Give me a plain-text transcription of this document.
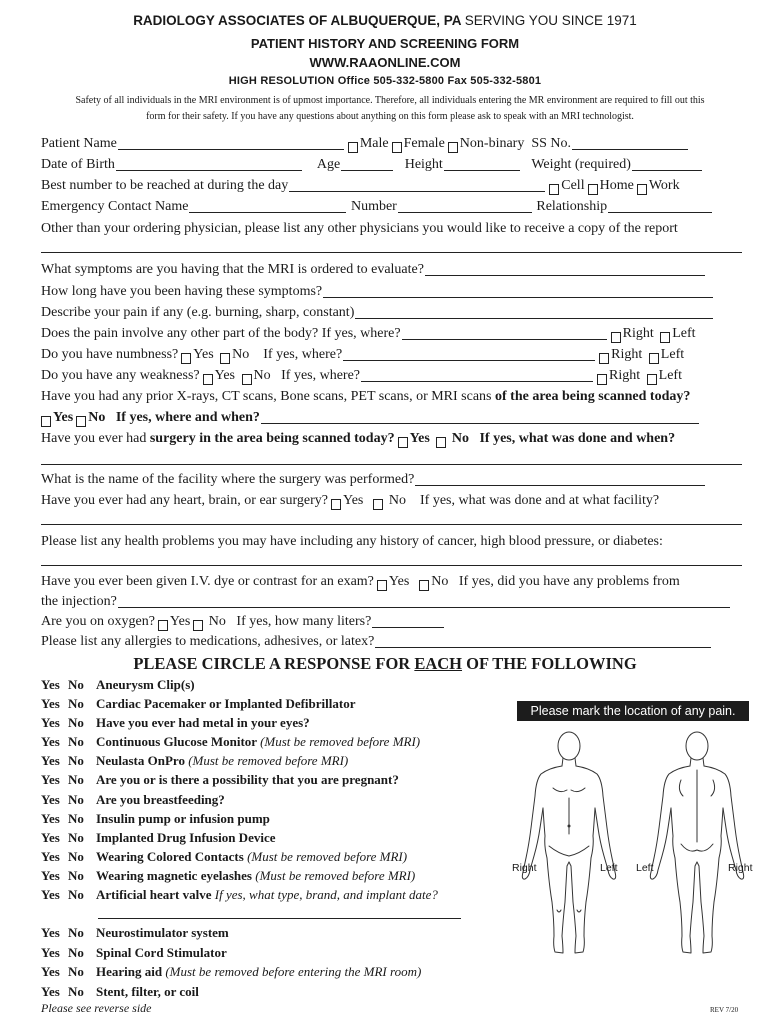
RADIOLOGY ASSOCIATES OF ALBUQUERQUE, PA SERVING YOU SINCE 1971
PATIENT HISTORY AND SCREENING FORM
WWW.RAAONLINE.COM
HIGH RESOLUTION Office 505-332-5800 Fax 505-332-5801
Safety of all individuals in the MRI environment is of upmost importance. Therefore, all individuals entering the MR environment are required to fill out this
form for their safety. If you have any questions about anything on this form please ask to speak with an MRI technologist.
Patient Name	Male Female Non-binary SS No.
Date of Birth	Age	Height	Weight (required)
Best number to be reached at during the day	Cell Home Work
Emergency Contact Name	Number	Relationship
Other than your ordering physician, please list any other physicians you would like to receive a copy of the report
What symptoms are you having that the MRI is ordered to evaluate?
How long have you been having these symptoms?
Describe your pain if any (e.g. burning, sharp, constant)
Does the pain involve any other part of the body? If yes, where?	Right Left
Do you have numbness? Yes No If yes, where?	Right Left
Do you have any weakness? Yes No If yes, where?	Right Left
Have you had any prior X-rays, CT scans, Bone scans, PET scans, or MRI scans of the area being scanned today?
Yes No If yes, where and when?
Have you ever had surgery in the area being scanned today? Yes No If yes, what was done and when?
What is the name of the facility where the surgery was performed?
Have you ever had any heart, brain, or ear surgery? Yes No If yes, what was done and at what facility?
Please list any health problems you may have including any history of cancer, high blood pressure, or diabetes:
Have you ever been given I.V. dye or contrast for an exam? Yes No If yes, did you have any problems from
the injection?
Are you on oxygen? Yes No If yes, how many liters?
Please list any allergies to medications, adhesives, or latex?
PLEASE CIRCLE A RESPONSE FOR EACH OF THE FOLLOWING
Yes No Aneurysm Clip(s)
Yes No Cardiac Pacemaker or Implanted Defibrillator
Yes No Have you ever had metal in your eyes?
Yes No Continuous Glucose Monitor (Must be removed before MRI)
Yes No Neulasta OnPro (Must be removed before MRI)
Yes No Are you or is there a possibility that you are pregnant?
Yes No Are you breastfeeding?
Yes No Insulin pump or infusion pump
Yes No Implanted Drug Infusion Device
Yes No Wearing Colored Contacts (Must be removed before MRI)
Yes No Wearing magnetic eyelashes (Must be removed before MRI)
Yes No Artificial heart valve If yes, what type, brand, and implant date?
Yes No Neurostimulator system
Yes No Spinal Cord Stimulator
Yes No Hearing aid (Must be removed before entering the MRI room)
Yes No Stent, filter, or coil
Please mark the location of any pain.
Right	Left Left	Right
Please see reverse side	REV 7/20
